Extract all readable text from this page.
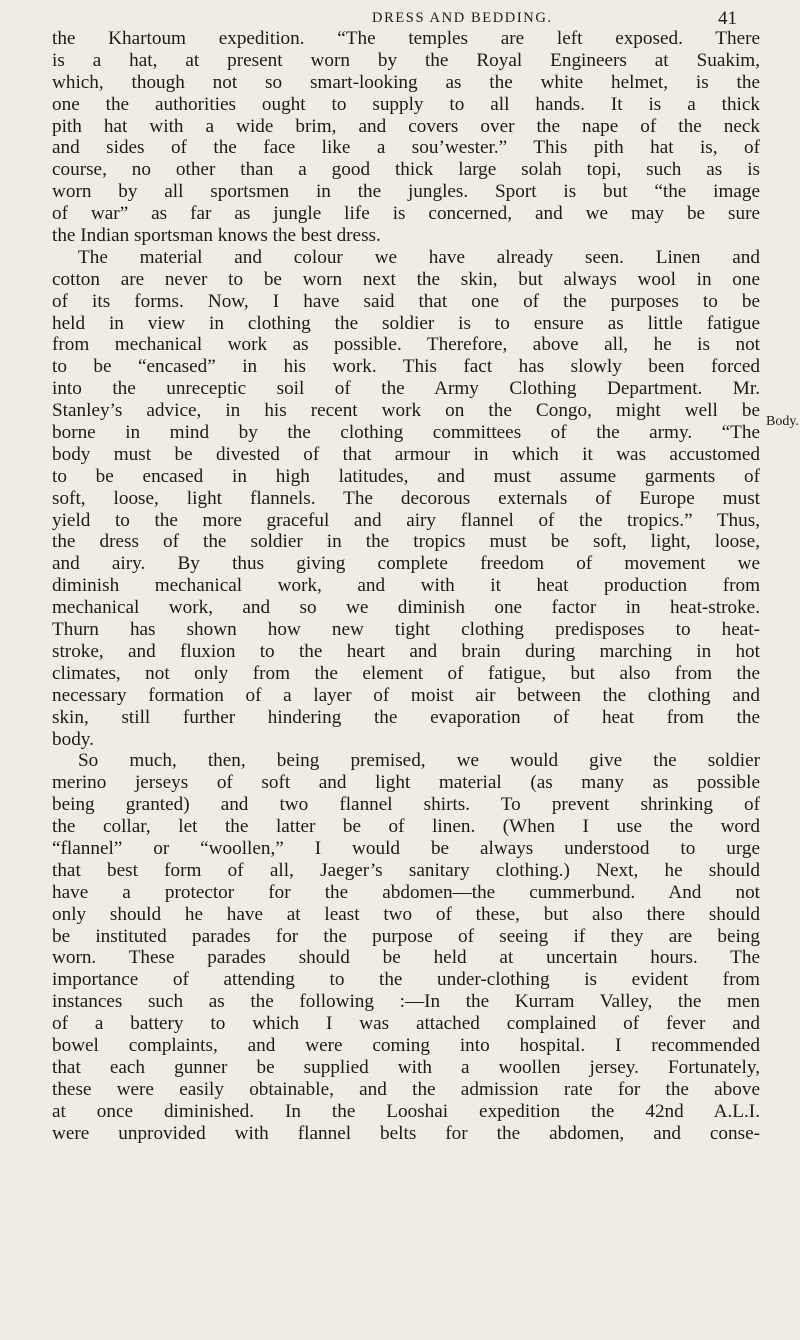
DRESS AND BEDDING.	41
Body.
the Khartoum expedition. “The temples are left exposed. There
is a hat, at present worn by the Royal Engineers at Suakim,
which, though not so smart-looking as the white helmet, is the
one the authorities ought to supply to all hands. It is a thick
pith hat with a wide brim, and covers over the nape of the neck
and sides of the face like a sou’wester.” This pith hat is, of
course, no other than a good thick large solah topi, such as is
worn by all sportsmen in the jungles. Sport is but “the image
of war” as far as jungle life is concerned, and we may be sure
the Indian sportsman knows the best dress.
The material and colour we have already seen. Linen and
cotton are never to be worn next the skin, but always wool in one
of its forms. Now, I have said that one of the purposes to be
held in view in clothing the soldier is to ensure as little fatigue
from mechanical work as possible. Therefore, above all, he is not
to be “encased” in his work. This fact has slowly been forced
into the unreceptic soil of the Army Clothing Department. Mr.
Stanley’s advice, in his recent work on the Congo, might well be
borne in mind by the clothing committees of the army. “The
body must be divested of that armour in which it was accustomed
to be encased in high latitudes, and must assume garments of
soft, loose, light flannels. The decorous externals of Europe must
yield to the more graceful and airy flannel of the tropics.” Thus,
the dress of the soldier in the tropics must be soft, light, loose,
and airy. By thus giving complete freedom of movement we
diminish mechanical work, and with it heat production from
mechanical work, and so we diminish one factor in heat-stroke.
Thurn has shown how new tight clothing predisposes to heat-
stroke, and fluxion to the heart and brain during marching in hot
climates, not only from the element of fatigue, but also from the
necessary formation of a layer of moist air between the clothing and
skin, still further hindering the evaporation of heat from the
body.
So much, then, being premised, we would give the soldier
merino jerseys of soft and light material (as many as possible
being granted) and two flannel shirts. To prevent shrinking of
the collar, let the latter be of linen. (When I use the word
“flannel” or “woollen,” I would be always understood to urge
that best form of all, Jaeger’s sanitary clothing.) Next, he should
have a protector for the abdomen—the cummerbund. And not
only should he have at least two of these, but also there should
be instituted parades for the purpose of seeing if they are being
worn. These parades should be held at uncertain hours. The
importance of attending to the under-clothing is evident from
instances such as the following :—In the Kurram Valley, the men
of a battery to which I was attached complained of fever and
bowel complaints, and were coming into hospital. I recommended
that each gunner be supplied with a woollen jersey. Fortunately,
these were easily obtainable, and the admission rate for the above
at once diminished. In the Looshai expedition the 42nd A.L.I.
were unprovided with flannel belts for the abdomen, and conse-
